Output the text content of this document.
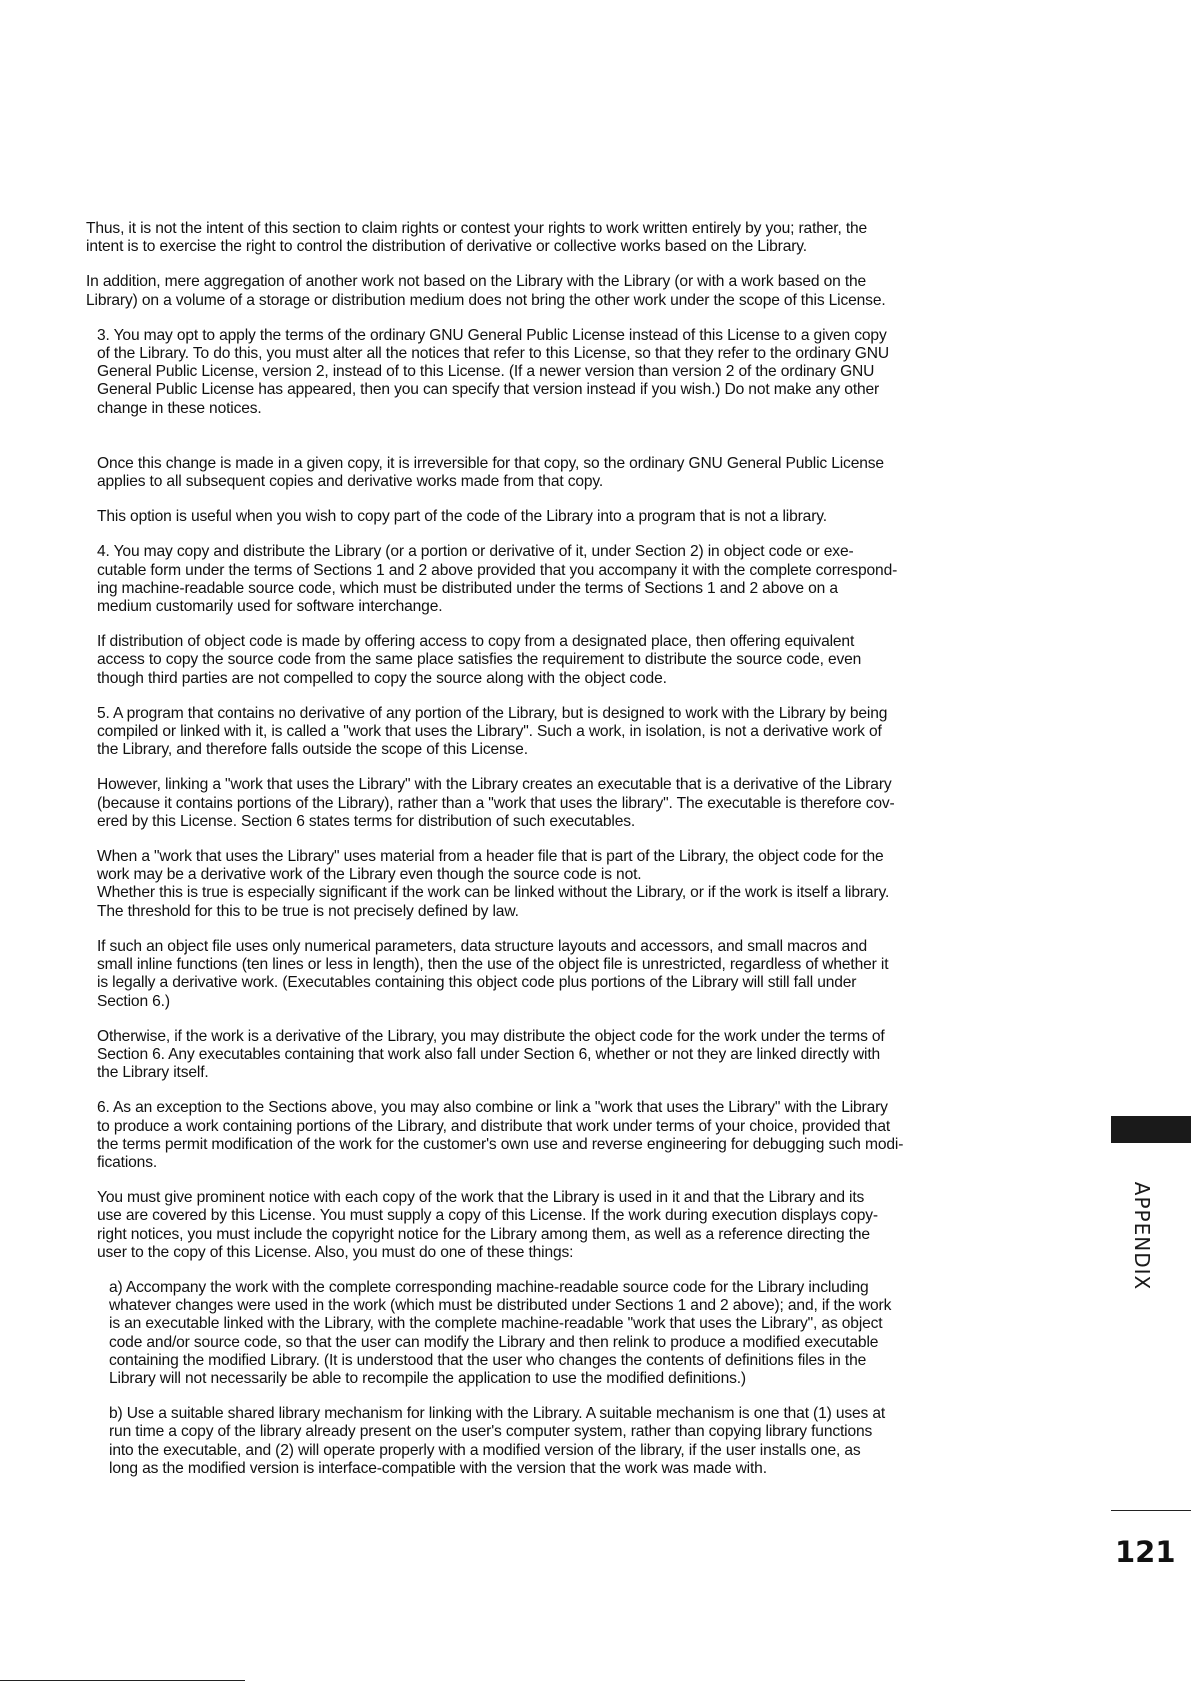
Thus, it is not the intent of this section to claim rights or contest your rights to work written entirely by you; rather, the
intent is to exercise the right to control the distribution of derivative or collective works based on the Library.

In addition, mere aggregation of another work not based on the Library with the Library (or with a work based on the
Library) on a volume of a storage or distribution medium does not bring the other work under the scope of this License.

3. You may opt to apply the terms of the ordinary GNU General Public License instead of this License to a given copy
of the Library. To do this, you must alter all the notices that refer to this License, so that they refer to the ordinary GNU
General Public License, version 2, instead of to this License. (If a newer version than version 2 of the ordinary GNU
General Public License has appeared, then you can specify that version instead if you wish.) Do not make any other
change in these notices.

Once this change is made in a given copy, it is irreversible for that copy, so the ordinary GNU General Public License
applies to all subsequent copies and derivative works made from that copy.

This option is useful when you wish to copy part of the code of the Library into a program that is not a library.

4. You may copy and distribute the Library (or a portion or derivative of it, under Section 2) in object code or exe-
cutable form under the terms of Sections 1 and 2 above provided that you accompany it with the complete correspond-
ing machine-readable source code, which must be distributed under the terms of Sections 1 and 2 above on a
medium customarily used for software interchange.

If distribution of object code is made by offering access to copy from a designated place, then offering equivalent
access to copy the source code from the same place satisfies the requirement to distribute the source code, even
though third parties are not compelled to copy the source along with the object code.

5. A program that contains no derivative of any portion of the Library, but is designed to work with the Library by being
compiled or linked with it, is called a "work that uses the Library". Such a work, in isolation, is not a derivative work of
the Library, and therefore falls outside the scope of this License.

However, linking a "work that uses the Library" with the Library creates an executable that is a derivative of the Library
(because it contains portions of the Library), rather than a "work that uses the library". The executable is therefore cov-
ered by this License. Section 6 states terms for distribution of such executables.

When a "work that uses the Library" uses material from a header file that is part of the Library, the object code for the
work may be a derivative work of the Library even though the source code is not.
Whether this is true is especially significant if the work can be linked without the Library, or if the work is itself a library.
The threshold for this to be true is not precisely defined by law.

If such an object file uses only numerical parameters, data structure layouts and accessors, and small macros and
small inline functions (ten lines or less in length), then the use of the object file is unrestricted, regardless of whether it
is legally a derivative work. (Executables containing this object code plus portions of the Library will still fall under
Section 6.)

Otherwise, if the work is a derivative of the Library, you may distribute the object code for the work under the terms of
Section 6. Any executables containing that work also fall under Section 6, whether or not they are linked directly with
the Library itself.

6. As an exception to the Sections above, you may also combine or link a "work that uses the Library" with the Library
to produce a work containing portions of the Library, and distribute that work under terms of your choice, provided that
the terms permit modification of the work for the customer's own use and reverse engineering for debugging such modi-
fications.

You must give prominent notice with each copy of the work that the Library is used in it and that the Library and its
use are covered by this License. You must supply a copy of this License. If the work during execution displays copy-
right notices, you must include the copyright notice for the Library among them, as well as a reference directing the
user to the copy of this License. Also, you must do one of these things:

a) Accompany the work with the complete corresponding machine-readable source code for the Library including
whatever changes were used in the work (which must be distributed under Sections 1 and 2 above); and, if the work
is an executable linked with the Library, with the complete machine-readable "work that uses the Library", as object
code and/or source code, so that the user can modify the Library and then relink to produce a modified executable
containing the modified Library. (It is understood that the user who changes the contents of definitions files in the
Library will not necessarily be able to recompile the application to use the modified definitions.)

b) Use a suitable shared library mechanism for linking with the Library. A suitable mechanism is one that (1) uses at
run time a copy of the library already present on the user's computer system, rather than copying library functions
into the executable, and (2) will operate properly with a modified version of the library, if the user installs one, as
long as the modified version is interface-compatible with the version that the work was made with.

APPENDIX
121
